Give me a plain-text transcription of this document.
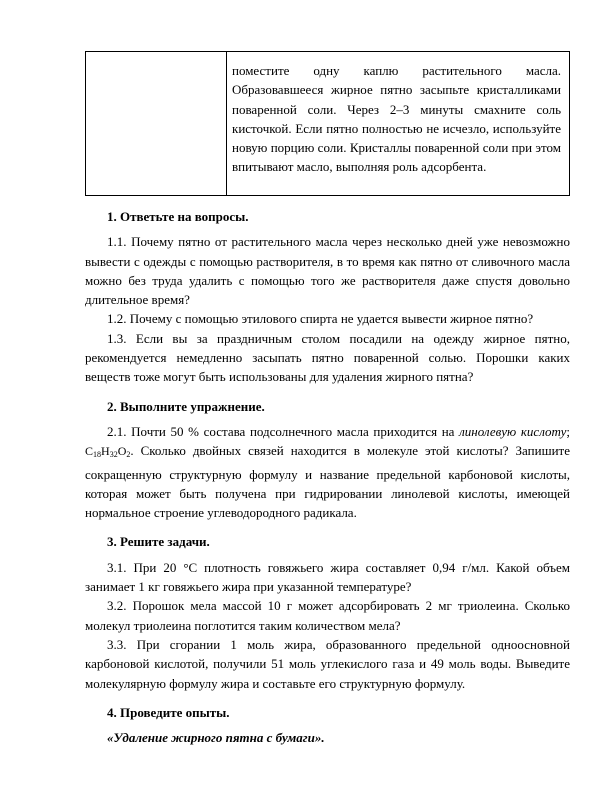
поместите одну каплю растительного масла. Образовавшееся жирное пятно засыпьте кристалликами поваренной соли. Через 2–3 минуты смахните соль кисточкой. Если пятно полностью не исчезло, используйте новую порцию соли. Кристаллы поваренной соли при этом впитывают масло, выполняя роль адсорбента.

1. Ответьте на вопросы.

1.1. Почему пятно от растительного масла через несколько дней уже невозможно вывести с одежды с помощью растворителя, в то время как пятно от сливочного масла можно без труда удалить с помощью того же растворителя даже спустя довольно длительное время?

1.2. Почему с помощью этилового спирта не удается вывести жирное пятно?

1.3. Если вы за праздничным столом посадили на одежду жирное пятно, рекомендуется немедленно засыпать пятно поваренной солью. Порошки каких веществ тоже могут быть использованы для удаления жирного пятна?

2. Выполните упражнение.

2.1. Почти 50 % состава подсолнечного масла приходится на линолевую кислоту; $C_{18}H_{32}O_2$. Сколько двойных связей находится в молекуле этой кислоты? Запишите сокращенную структурную формулу и название предельной карбоновой кислоты, которая может быть получена при гидрировании линолевой кислоты, имеющей нормальное строение углеводородного радикала.

3. Решите задачи.

3.1. При 20 °С плотность говяжьего жира составляет 0,94 г/мл. Какой объем занимает 1 кг говяжьего жира при указанной температуре?

3.2. Порошок мела массой 10 г может адсорбировать 2 мг триолеина. Сколько молекул триолеина поглотится таким количеством мела?

3.3. При сгорании 1 моль жира, образованного предельной одноосновной карбоновой кислотой, получили 51 моль углекислого газа и 49 моль воды. Выведите молекулярную формулу жира и составьте его структурную формулу.

4. Проведите опыты.

«Удаление жирного пятна с бумаги».
